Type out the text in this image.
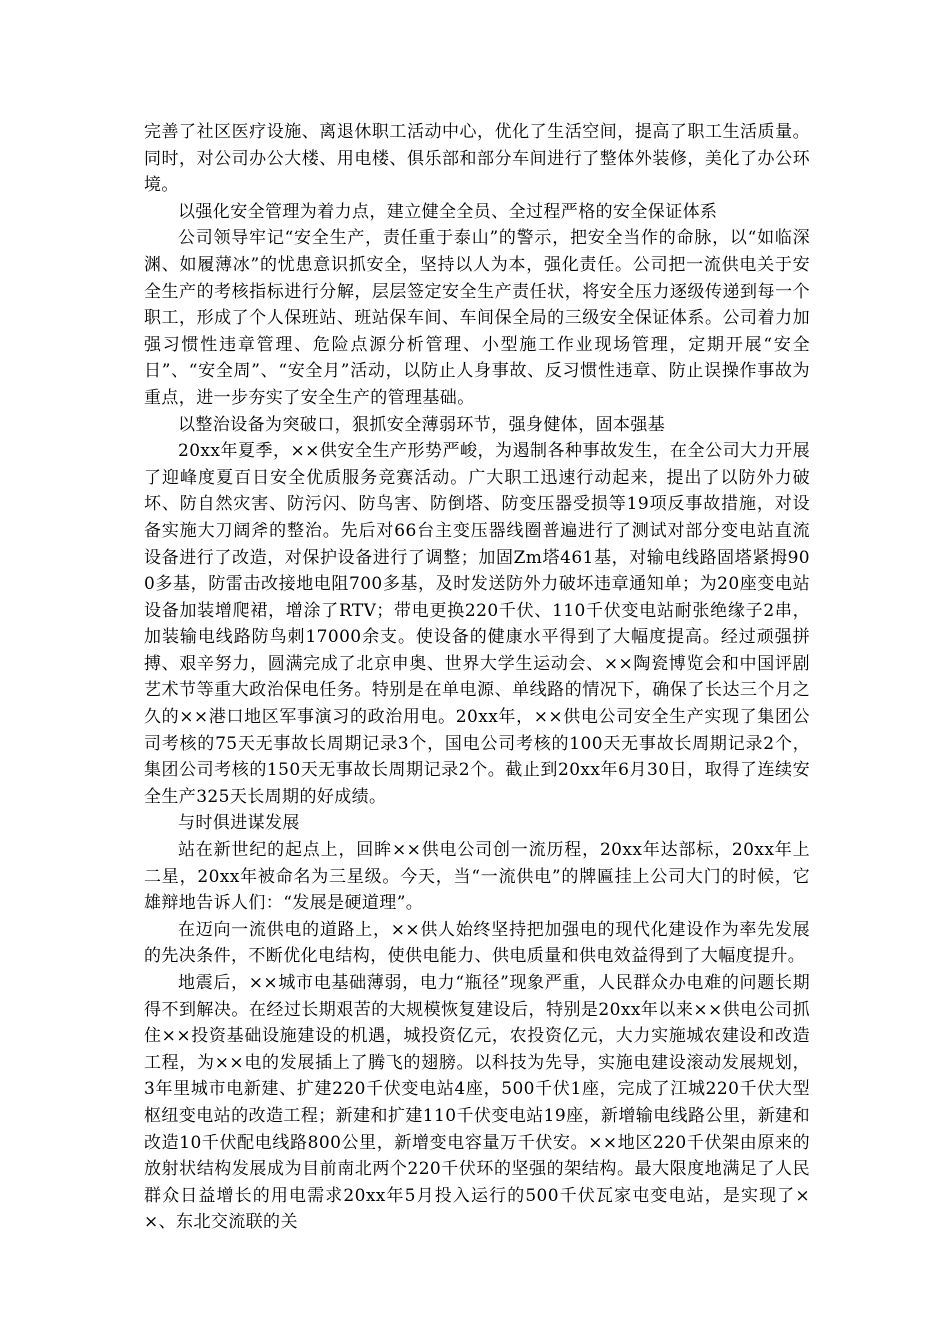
完善了社区医疗设施、离退休职工活动中心，优化了生活空间，提高了职工生活质量。同时，对公司办公大楼、用电楼、俱乐部和部分车间进行了整体外装修，美化了办公环境。

以强化安全管理为着力点，建立健全全员、全过程严格的安全保证体系

公司领导牢记“安全生产，责任重于泰山”的警示，把安全当作的命脉，以“如临深渊、如履薄冰”的忧患意识抓安全，坚持以人为本，强化责任。公司把一流供电关于安全生产的考核指标进行分解，层层签定安全生产责任状，将安全压力逐级传递到每一个职工，形成了个人保班站、班站保车间、车间保全局的三级安全保证体系。公司着力加强习惯性违章管理、危险点源分析管理、小型施工作业现场管理，定期开展“安全日”、“安全周”、“安全月”活动，以防止人身事故、反习惯性违章、防止误操作事故为重点，进一步夯实了安全生产的管理基础。

以整治设备为突破口，狠抓安全薄弱环节，强身健体，固本强基

20xx年夏季，××供安全生产形势严峻，为遏制各种事故发生，在全公司大力开展了迎峰度夏百日安全优质服务竞赛活动。广大职工迅速行动起来，提出了以防外力破坏、防自然灾害、防污闪、防鸟害、防倒塔、防变压器受损等19项反事故措施，对设备实施大刀阔斧的整治。先后对66台主变压器线圈普遍进行了测试对部分变电站直流设备进行了改造，对保护设备进行了调整；加固Zm塔461基，对输电线路固塔紧拇900多基，防雷击改接地电阻700多基，及时发送防外力破坏违章通知单；为20座变电站设备加装增爬裙，增涂了RTV；带电更换220千伏、110千伏变电站耐张绝缘子2串，加装输电线路防鸟刺17000余支。使设备的健康水平得到了大幅度提高。经过顽强拼搏、艰辛努力，圆满完成了北京申奥、世界大学生运动会、××陶瓷博览会和中国评剧艺术节等重大政治保电任务。特别是在单电源、单线路的情况下，确保了长达三个月之久的××港口地区军事演习的政治用电。20xx年，××供电公司安全生产实现了集团公司考核的75天无事故长周期记录3个，国电公司考核的100天无事故长周期记录2个，集团公司考核的150天无事故长周期记录2个。截止到20xx年6月30日，取得了连续安全生产325天长周期的好成绩。

与时俱进谋发展

站在新世纪的起点上，回眸××供电公司创一流历程，20xx年达部标，20xx年上二星，20xx年被命名为三星级。今天，当“一流供电”的牌匾挂上公司大门的时候，它雄辩地告诉人们：“发展是硬道理”。

在迈向一流供电的道路上，××供人始终坚持把加强电的现代化建设作为率先发展的先决条件，不断优化电结构，使供电能力、供电质量和供电效益得到了大幅度提升。

地震后，××城市电基础薄弱，电力“瓶径”现象严重，人民群众办电难的问题长期得不到解决。在经过长期艰苦的大规模恢复建设后，特别是20xx年以来××供电公司抓住××投资基础设施建设的机遇，城投资亿元，农投资亿元，大力实施城农建设和改造工程，为××电的发展插上了腾飞的翅膀。以科技为先导，实施电建设滚动发展规划，3年里城市电新建、扩建220千伏变电站4座，500千伏1座，完成了江城220千伏大型枢纽变电站的改造工程；新建和扩建110千伏变电站19座，新增输电线路公里，新建和改造10千伏配电线路800公里，新增变电容量万千伏安。××地区220千伏架由原来的放射状结构发展成为目前南北两个220千伏环的坚强的架结构。最大限度地满足了人民群众日益增长的用电需求20xx年5月投入运行的500千伏瓦家屯变电站，是实现了××、东北交流联的关
